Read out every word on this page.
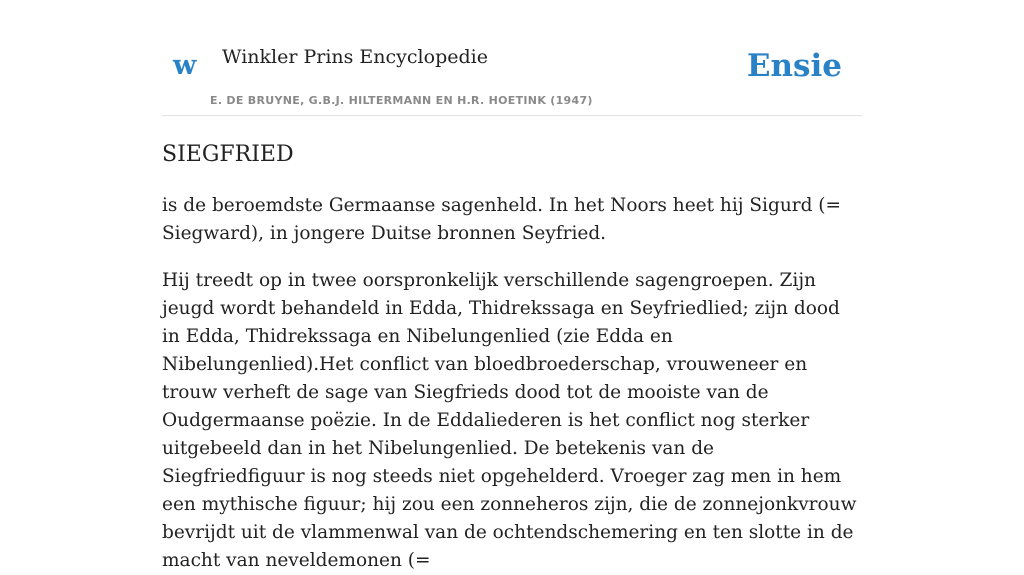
w Winkler Prins Encyclopedie
E. DE BRUYNE, G.B.J. HILTERMANN EN H.R. HOETINK (1947)
Ensie
SIEGFRIED

is de beroemdste Germaanse sagenheld. In het Noors heet hij Sigurd (= Siegward), in jongere Duitse bronnen Seyfried.

Hij treedt op in twee oorspronkelijk verschillende sagengroepen. Zijn jeugd wordt behandeld in Edda, Thidrekssaga en Seyfriedlied; zijn dood in Edda, Thidrekssaga en Nibelungenlied (zie Edda en Nibelungenlied).Het conflict van bloedbroederschap, vrouweneer en trouw verheft de sage van Siegfrieds dood tot de mooiste van de Oudgermaanse poëzie. In de Eddaliederen is het conflict nog sterker uitgebeeld dan in het Nibelungenlied. De betekenis van de Siegfriedfiguur is nog steeds niet opgehelderd. Vroeger zag men in hem een mythische figuur; hij zou een zonneheros zijn, die de zonnejonkvrouw bevrijdt uit de vlammenwal van de ochtendschemering en ten slotte in de macht van neveldemonen (=
